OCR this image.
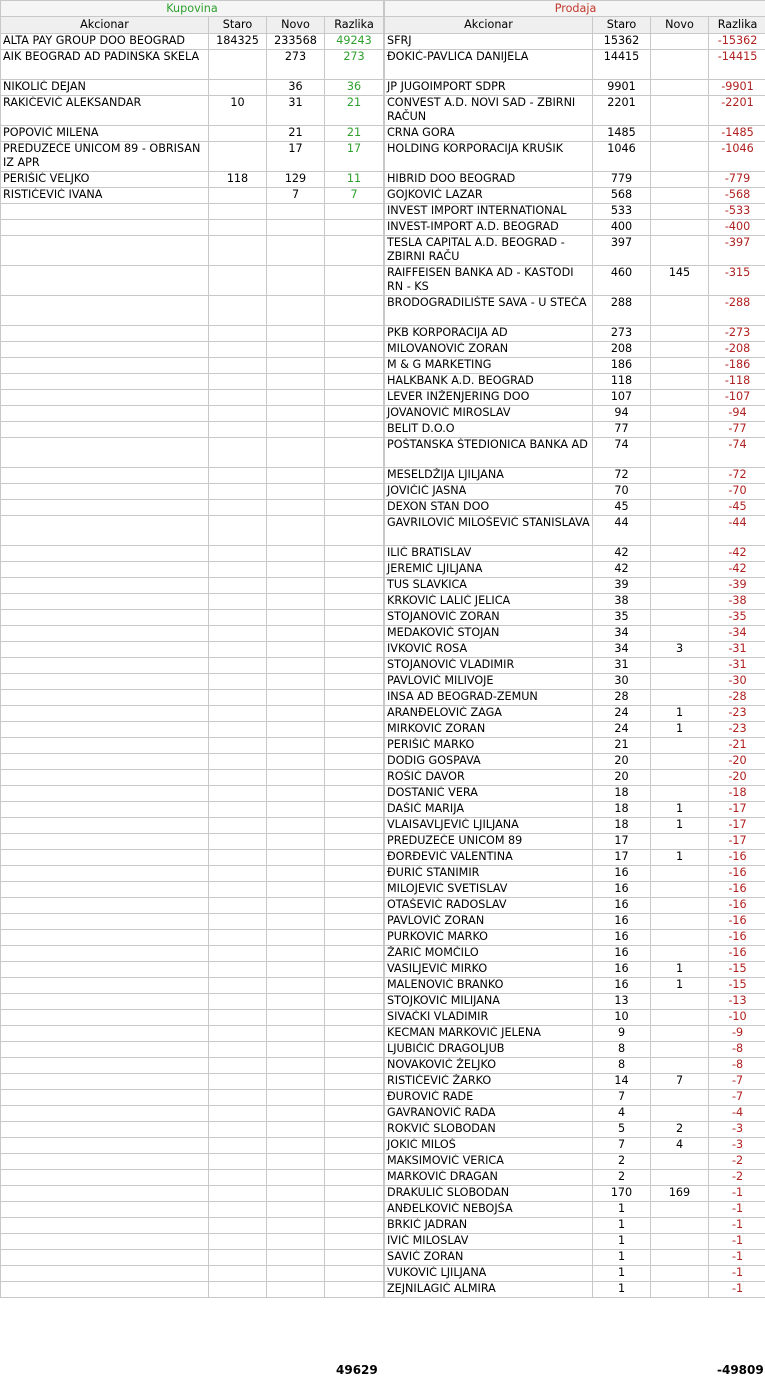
Kupovina			
Akcionar	Staro	Novo	Razlika
ALTA PAY GROUP DOO BEOGRAD	184325	233568	49243
AIK BEOGRAD AD PADINSKA SKELA		273	273
NIKOLIĆ DEJAN		36	36
RAKIĆEVIĆ ALEKSANDAR	10	31	21
POPOVIĆ MILENA		21	21
PREDUZEĆE UNICOM 89 - OBRISAN IZ APR		17	17
PERIŠIĆ VELJKO	118	129	11
RISTIĆEVIĆ IVANA		7	7

Prodaja			
Akcionar	Staro	Novo	Razlika
SFRJ	15362		-15362
ĐOKIĆ-PAVLICA DANIJELA	14415		-14415
JP JUGOIMPORT SDPR	9901		-9901
CONVEST A.D. NOVI SAD - ZBIRNI RAČUN	2201		-2201
CRNA GORA	1485		-1485
HOLDING KORPORACIJA KRUŠIK	1046		-1046
HIBRID DOO BEOGRAD	779		-779
GOJKOVIĆ LAZAR	568		-568
INVEST IMPORT INTERNATIONAL	533		-533
INVEST-IMPORT A.D. BEOGRAD	400		-400
TESLA CAPITAL A.D. BEOGRAD - ZBIRNI RAČU	397		-397
RAIFFEISEN BANKA AD - KASTODI RN - KS	460	145	-315
BRODOGRADILIŠTE SAVA - U STEČA	288		-288
PKB KORPORACIJA AD	273		-273
MILOVANOVIĆ ZORAN	208		-208
M & G MARKETING	186		-186
HALKBANK A.D. BEOGRAD	118		-118
LEVER INŽENJERING DOO	107		-107
JOVANOVIĆ MIROSLAV	94		-94
BELIT D.O.O	77		-77
POŠTANSKA ŠTEDIONICA BANKA AD	74		-74
MESELDŽIJA LJILJANA	72		-72
JOVIČIĆ JASNA	70		-70
DEXON STAN DOO	45		-45
GAVRILOVIĆ MILOŠEVIĆ STANISLAVA	44		-44
ILIĆ BRATISLAV	42		-42
JEREMIĆ LJILJANA	42		-42
TUS SLAVKICA	39		-39
KRKOVIĆ LALIĆ JELICA	38		-38
STOJANOVIĆ ZORAN	35		-35
MEDAKOVIĆ STOJAN	34		-34
IVKOVIĆ ROSA	34	3	-31
STOJANOVIĆ VLADIMIR	31		-31
PAVLOVIĆ MILIVOJE	30		-30
INSA AD BEOGRAD-ZEMUN	28		-28
ARANĐELOVIĆ ZAGA	24	1	-23
MIRKOVIĆ ZORAN	24	1	-23
PERIŠIĆ MARKO	21		-21
DODIG GOSPAVA	20		-20
ROŠIĆ DAVOR	20		-20
DOSTANIĆ VERA	18		-18
DAŠIĆ MARIJA	18	1	-17
VLAISAVLJEVIĆ LJILJANA	18	1	-17
PREDUZEĆE UNICOM 89	17		-17
ĐORĐEVIĆ VALENTINA	17	1	-16
ĐURIĆ STANIMIR	16		-16
MILOJEVIĆ SVETISLAV	16		-16
OTAŠEVIĆ RADOSLAV	16		-16
PAVLOVIĆ ZORAN	16		-16
PURKOVIĆ MARKO	16		-16
ŽARIĆ MOMČILO	16		-16
VASILJEVIĆ MIRKO	16	1	-15
MALENOVIĆ BRANKO	16	1	-15
STOJKOVIĆ MILIJANA	13		-13
SIVAČKI VLADIMIR	10		-10
KECMAN MARKOVIĆ JELENA	9		-9
LJUBIČIĆ DRAGOLJUB	8		-8
NOVAKOVIĆ ŽELJKO	8		-8
RISTIĆEVIĆ ŽARKO	14	7	-7
ĐUROVIĆ RADE	7		-7
GAVRANOVIĆ RADA	4		-4
ROKVIĆ SLOBODAN	5	2	-3
JOKIĆ MILOŠ	7	4	-3
MAKSIMOVIĆ VERICA	2		-2
MARKOVIĆ DRAGAN	2		-2
DRAKULIĆ SLOBODAN	170	169	-1
ANĐELKOVIĆ NEBOJŠA	1		-1
BRKIĆ JADRAN	1		-1
IVIĆ MILOSLAV	1		-1
SAVIĆ ZORAN	1		-1
VUKOVIĆ LJILJANA	1		-1
ZEJNILAGIĆ ALMIRA	1		-1
49629	-49809
